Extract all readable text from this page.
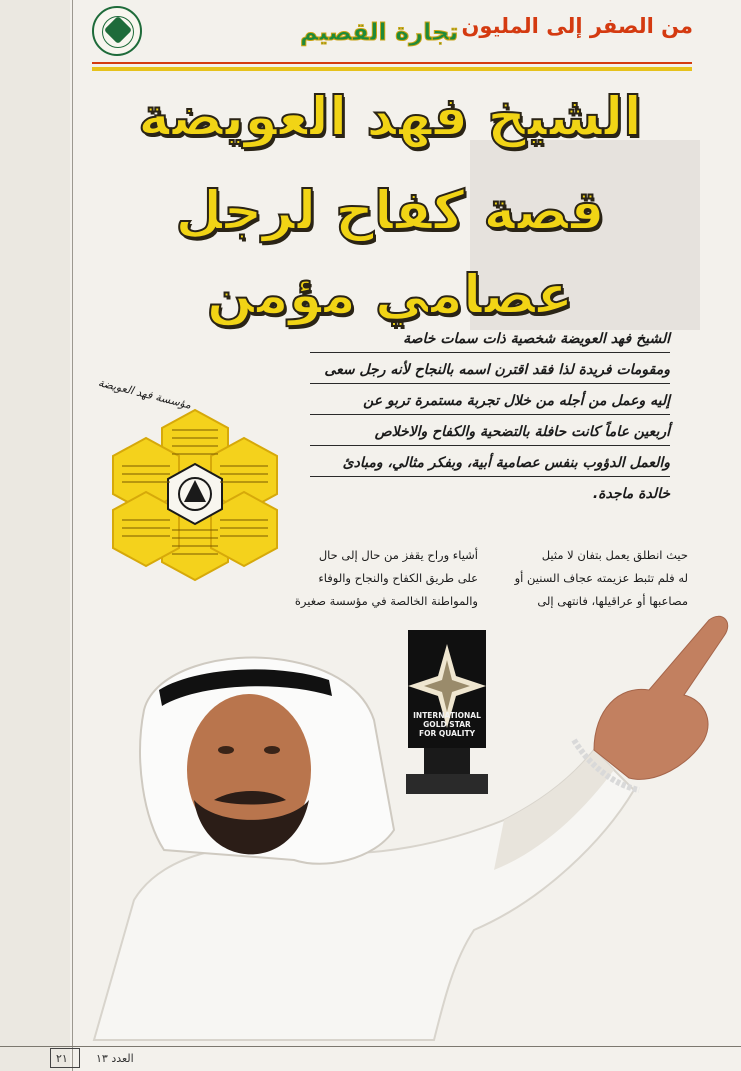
تجارة القصيم من الصفر إلى المليون
الشيخ فهد العويضة
قصة كفاح لرجل
عصامي مؤمن
الشيخ فهد العويضة شخصية ذات سمات خاصة
ومقومات فريدة لذا فقد اقترن اسمه بالنجاح لأنه رجل سعى
إليه وعمل من أجله من خلال تجربة مستمرة تربو عن
أربعين عاماً كانت حافلة بالتضحية والكفاح والاخلاص
والعمل الدؤوب بنفس عصامية أبية، وبفكر مثالي، ومبادئ
خالدة ماجدة.
مؤسسة فهد العويضة
حيث انطلق يعمل بتفان لا مثيل
له فلم تثبط عزيمته عجاف السنين أو
مصاعبها أو عراقيلها، فانتهى إلى
أشياء وراح يقفز من حال إلى حال
على طريق الكفاح والنجاح والوفاء
والمواطنة الخالصة في مؤسسة صغيرة
INTERNATIONAL
GOLD STAR
FOR QUALITY
٢١	العدد ١٣
